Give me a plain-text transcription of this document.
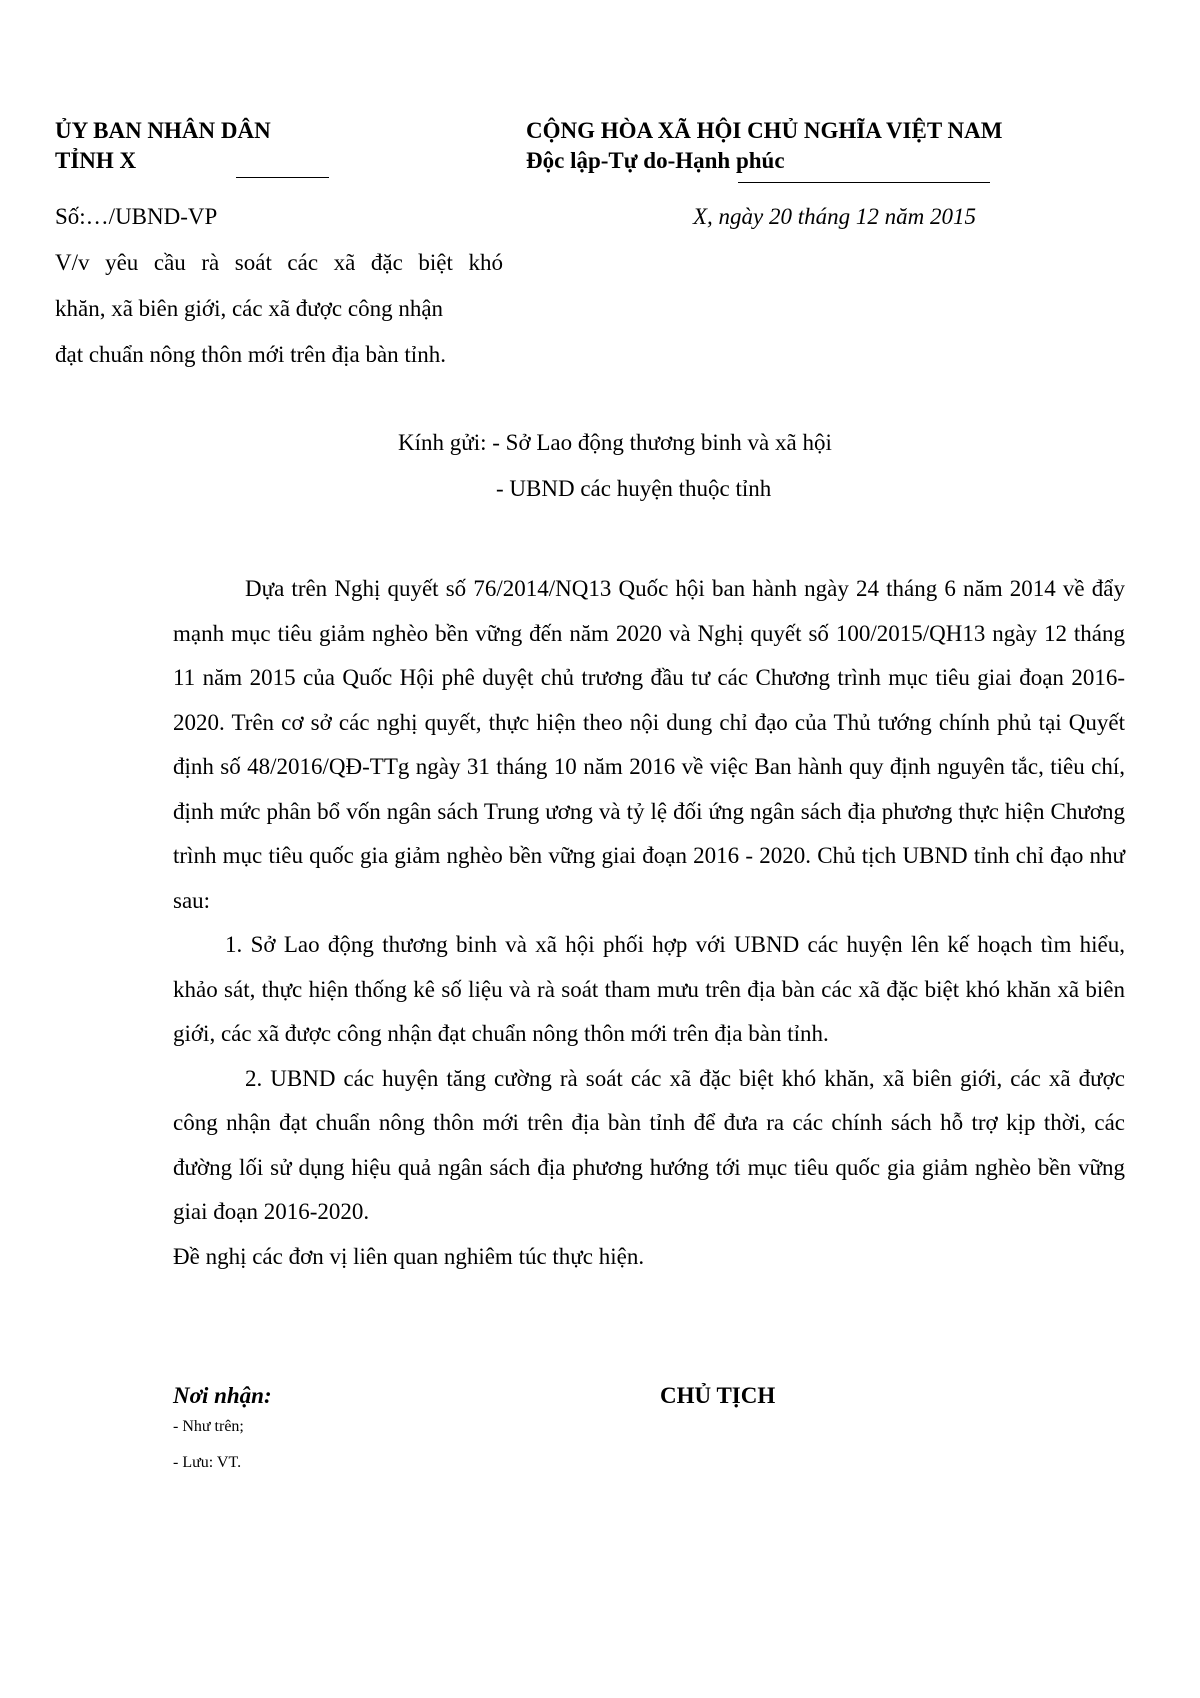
ỦY BAN NHÂN DÂN
TỈNH X
CỘNG HÒA XÃ HỘI CHỦ NGHĨA VIỆT NAM
Độc lập-Tự do-Hạnh phúc
Số:…/UBND-VP	X, ngày 20 tháng 12 năm 2015
V/v yêu cầu rà soát các xã đặc biệt khó
khăn, xã biên giới, các xã được công nhận
đạt chuẩn nông thôn mới trên địa bàn tỉnh.
Kính gửi: - Sở Lao động thương binh và xã hội
- UBND các huyện thuộc tỉnh

Dựa trên Nghị quyết số 76/2014/NQ13 Quốc hội ban hành ngày 24 tháng 6 năm 2014 về đẩy mạnh mục tiêu giảm nghèo bền vững đến năm 2020 và Nghị quyết số 100/2015/QH13 ngày 12 tháng 11 năm 2015 của Quốc Hội phê duyệt chủ trương đầu tư các Chương trình mục tiêu giai đoạn 2016-2020. Trên cơ sở các nghị quyết, thực hiện theo nội dung chỉ đạo của Thủ tướng chính phủ tại Quyết định số 48/2016/QĐ-TTg ngày 31 tháng 10 năm 2016 về việc Ban hành quy định nguyên tắc, tiêu chí, định mức phân bổ vốn ngân sách Trung ương và tỷ lệ đối ứng ngân sách địa phương thực hiện Chương trình mục tiêu quốc gia giảm nghèo bền vững giai đoạn 2016 - 2020. Chủ tịch UBND tỉnh chỉ đạo như sau:

1. Sở Lao động thương binh và xã hội phối hợp với UBND các huyện lên kế hoạch tìm hiểu, khảo sát, thực hiện thống kê số liệu và rà soát tham mưu trên địa bàn các xã đặc biệt khó khăn xã biên giới, các xã được công nhận đạt chuẩn nông thôn mới trên địa bàn tỉnh.

2. UBND các huyện tăng cường rà soát các xã đặc biệt khó khăn, xã biên giới, các xã được công nhận đạt chuẩn nông thôn mới trên địa bàn tỉnh để đưa ra các chính sách hỗ trợ kịp thời, các đường lối sử dụng hiệu quả ngân sách địa phương hướng tới mục tiêu quốc gia giảm nghèo bền vững giai đoạn 2016-2020.

Đề nghị các đơn vị liên quan nghiêm túc thực hiện.

Nơi nhận:
- Như trên;
- Lưu: VT.
CHỦ TỊCH
